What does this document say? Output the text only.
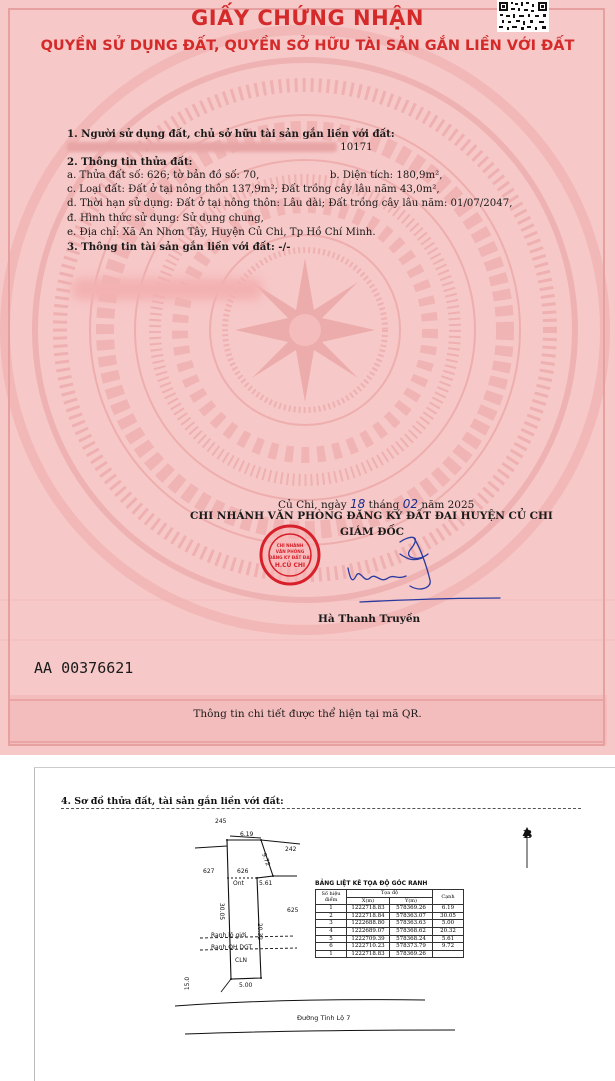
GIẤY CHỨNG NHẬN
QUYỀN SỬ DỤNG ĐẤT, QUYỀN SỞ HỮU TÀI SẢN GẮN LIỀN VỚI ĐẤT
1. Người sử dụng đất, chủ sở hữu tài sản gắn liền với đất:
10171
2. Thông tin thửa đất:
a. Thửa đất số: 626; tờ bản đồ số: 70,	b. Diện tích: 180,9m²,
c. Loại đất: Đất ở tại nông thôn 137,9m²; Đất trồng cây lâu năm 43,0m²,
d. Thời hạn sử dụng: Đất ở tại nông thôn: Lâu dài; Đất trồng cây lâu năm: 01/07/2047,
đ. Hình thức sử dụng: Sử dụng chung,
e. Địa chỉ: Xã An Nhơn Tây, Huyện Củ Chi, Tp Hồ Chí Minh.
3. Thông tin tài sản gắn liền với đất: -/-
Củ Chi, ngày 18 tháng 02 năm 2025
CHI NHÁNH VĂN PHÒNG ĐĂNG KÝ ĐẤT ĐAI HUYỆN CỦ CHI
GIÁM ĐỐC
CHI NHÁNH
VĂN PHÒNG
ĐĂNG KÝ ĐẤT ĐAI
H.CỦ CHI
Hà Thanh Truyền
AA 00376621
Thông tin chi tiết được thể hiện tại mã QR.
4. Sơ đồ thửa đất, tài sản gắn liền với đất:
B
245
242
627	626
Ont
625
CLN
6.19
9.72
5.61
30.05
20.32
5.00
15.0
Ranh lộ giới
Ranh QH DGT
Đường Tỉnh Lộ 7
BẢNG LIỆT KÊ TỌA ĐỘ GÓC RANH
Số hiệu điểm	Tọa độ		Cạnh
	X(m)	Y(m)	
1	1222718.83	578369.26	6.19
2	1222718.84	578363.07	30.05
3	1222688.80	578363.63	5.00
4	1222689.07	578368.62	20.32
5	1222709.39	578368.24	5.61
6	1222710.23	578373.79	9.72
1	1222718.83	578369.26	
